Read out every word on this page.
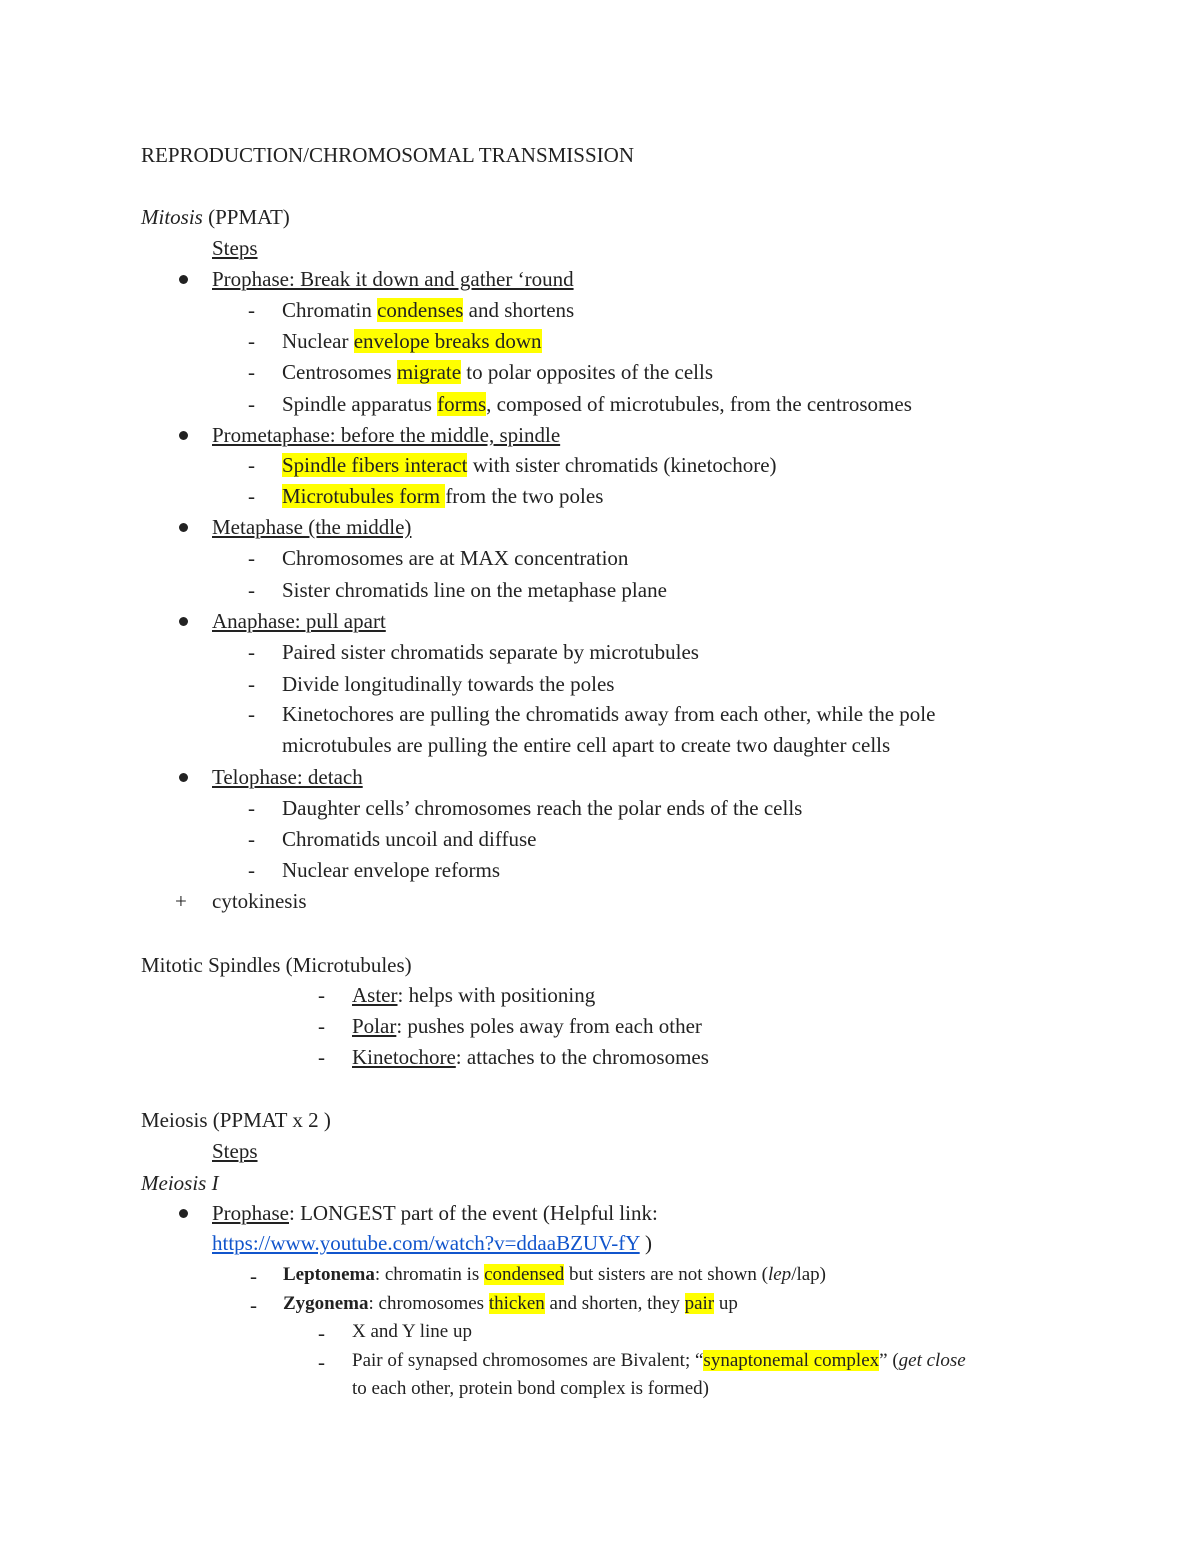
REPRODUCTION/CHROMOSOMAL TRANSMISSION
Mitosis (PPMAT)
Steps
Prophase: Break it down and gather ‘round
- Chromatin condenses and shortens
- Nuclear envelope breaks down
- Centrosomes migrate to polar opposites of the cells
- Spindle apparatus forms, composed of microtubules, from the centrosomes
Prometaphase: before the middle, spindle
- Spindle fibers interact with sister chromatids (kinetochore)
- Microtubules form from the two poles
Metaphase (the middle)
- Chromosomes are at MAX concentration
- Sister chromatids line on the metaphase plane
Anaphase: pull apart
- Paired sister chromatids separate by microtubules
- Divide longitudinally towards the poles
- Kinetochores are pulling the chromatids away from each other, while the pole
microtubules are pulling the entire cell apart to create two daughter cells
Telophase: detach
- Daughter cells’ chromosomes reach the polar ends of the cells
- Chromatids uncoil and diffuse
- Nuclear envelope reforms
+ cytokinesis
Mitotic Spindles (Microtubules)
- Aster: helps with positioning
- Polar: pushes poles away from each other
- Kinetochore: attaches to the chromosomes
Meiosis (PPMAT x 2 )
Steps
Meiosis I
Prophase: LONGEST part of the event (Helpful link:
https://www.youtube.com/watch?v=ddaaBZUV-fY )
- Leptonema: chromatin is condensed but sisters are not shown (lep/lap)
- Zygonema: chromosomes thicken and shorten, they pair up
- X and Y line up
- Pair of synapsed chromosomes are Bivalent; “synaptonemal complex” (get close
to each other, protein bond complex is formed)
